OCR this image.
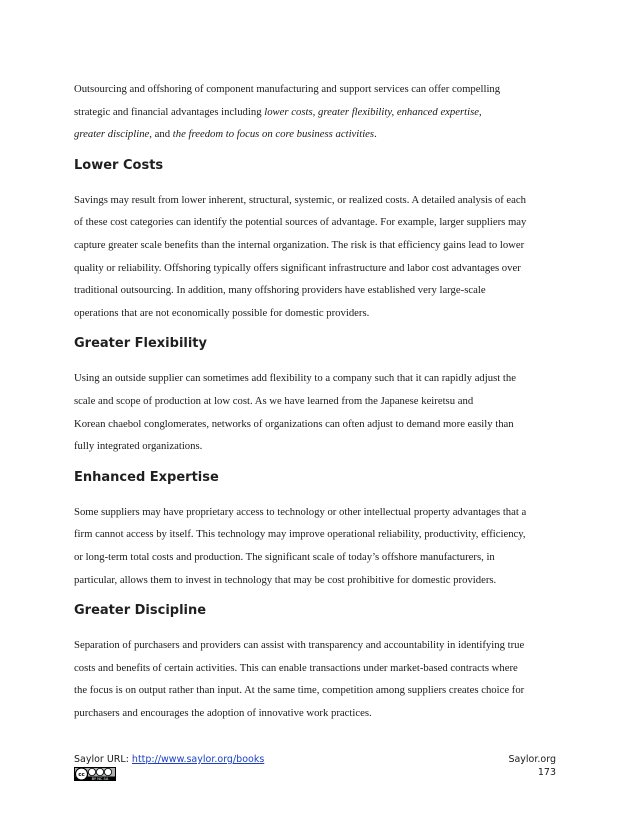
Outsourcing and offshoring of component manufacturing and support services can offer compelling
strategic and financial advantages including lower costs, greater flexibility, enhanced expertise,
greater discipline, and the freedom to focus on core business activities.

Lower Costs

Savings may result from lower inherent, structural, systemic, or realized costs. A detailed analysis of each
of these cost categories can identify the potential sources of advantage. For example, larger suppliers may
capture greater scale benefits than the internal organization. The risk is that efficiency gains lead to lower
quality or reliability. Offshoring typically offers significant infrastructure and labor cost advantages over
traditional outsourcing. In addition, many offshoring providers have established very large-scale
operations that are not economically possible for domestic providers.

Greater Flexibility

Using an outside supplier can sometimes add flexibility to a company such that it can rapidly adjust the
scale and scope of production at low cost. As we have learned from the Japanese keiretsu and
Korean chaebol conglomerates, networks of organizations can often adjust to demand more easily than
fully integrated organizations.

Enhanced Expertise

Some suppliers may have proprietary access to technology or other intellectual property advantages that a
firm cannot access by itself. This technology may improve operational reliability, productivity, efficiency,
or long-term total costs and production. The significant scale of today’s offshore manufacturers, in
particular, allows them to invest in technology that may be cost prohibitive for domestic providers.

Greater Discipline

Separation of purchasers and providers can assist with transparency and accountability in identifying true
costs and benefits of certain activities. This can enable transactions under market-based contracts where
the focus is on output rather than input. At the same time, competition among suppliers creates choice for
purchasers and encourages the adoption of innovative work practices.

Saylor URL: http://www.saylor.org/books
cc
BY NC SA
Saylor.org
173
